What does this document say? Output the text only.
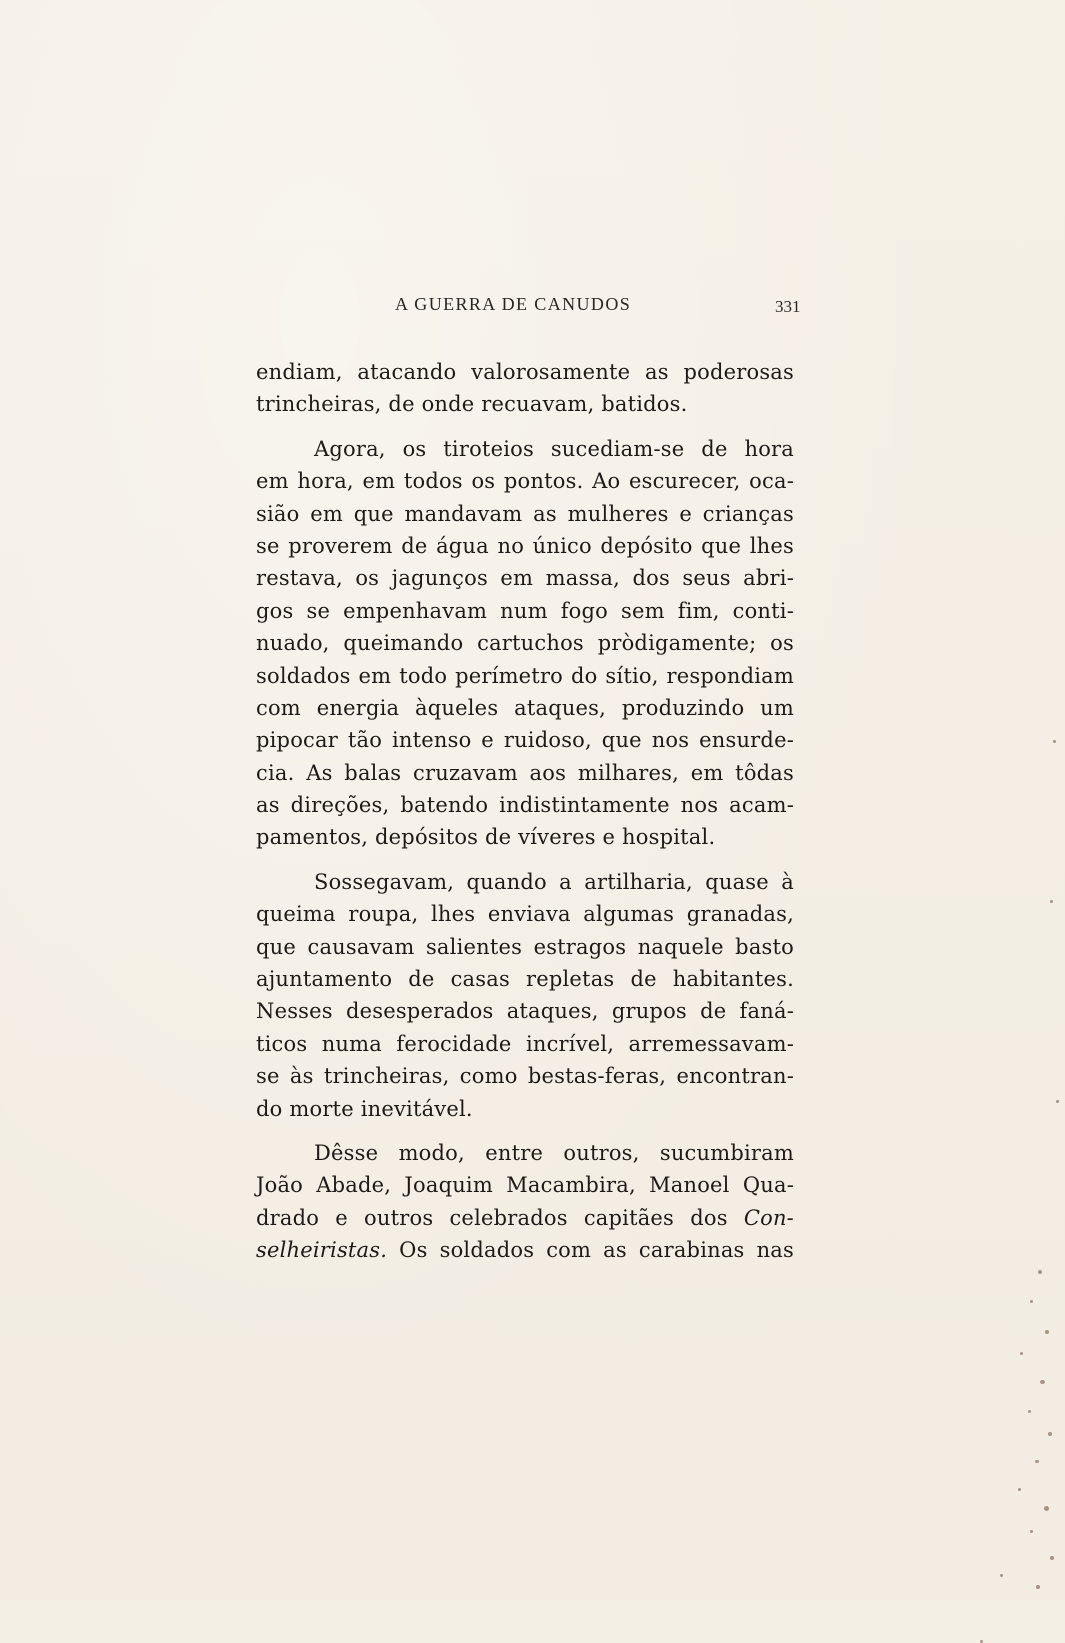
A GUERRA DE CANUDOS	331
endiam, atacando valorosamente as poderosas
trincheiras, de onde recuavam, batidos.
Agora, os tiroteios sucediam-se de hora
em hora, em todos os pontos. Ao escurecer, oca-
sião em que mandavam as mulheres e crianças
se proverem de água no único depósito que lhes
restava, os jagunços em massa, dos seus abri-
gos se empenhavam num fogo sem fim, conti-
nuado, queimando cartuchos pròdigamente; os
soldados em todo perímetro do sítio, respondiam
com energia àqueles ataques, produzindo um
pipocar tão intenso e ruidoso, que nos ensurde-
cia. As balas cruzavam aos milhares, em tôdas
as direções, batendo indistintamente nos acam-
pamentos, depósitos de víveres e hospital.
Sossegavam, quando a artilharia, quase à
queima roupa, lhes enviava algumas granadas,
que causavam salientes estragos naquele basto
ajuntamento de casas repletas de habitantes.
Nesses desesperados ataques, grupos de faná-
ticos numa ferocidade incrível, arremessavam-
se às trincheiras, como bestas-feras, encontran-
do morte inevitável.
Dêsse modo, entre outros, sucumbiram
João Abade, Joaquim Macambira, Manoel Qua-
drado e outros celebrados capitães dos Con-
selheiristas. Os soldados com as carabinas nas
